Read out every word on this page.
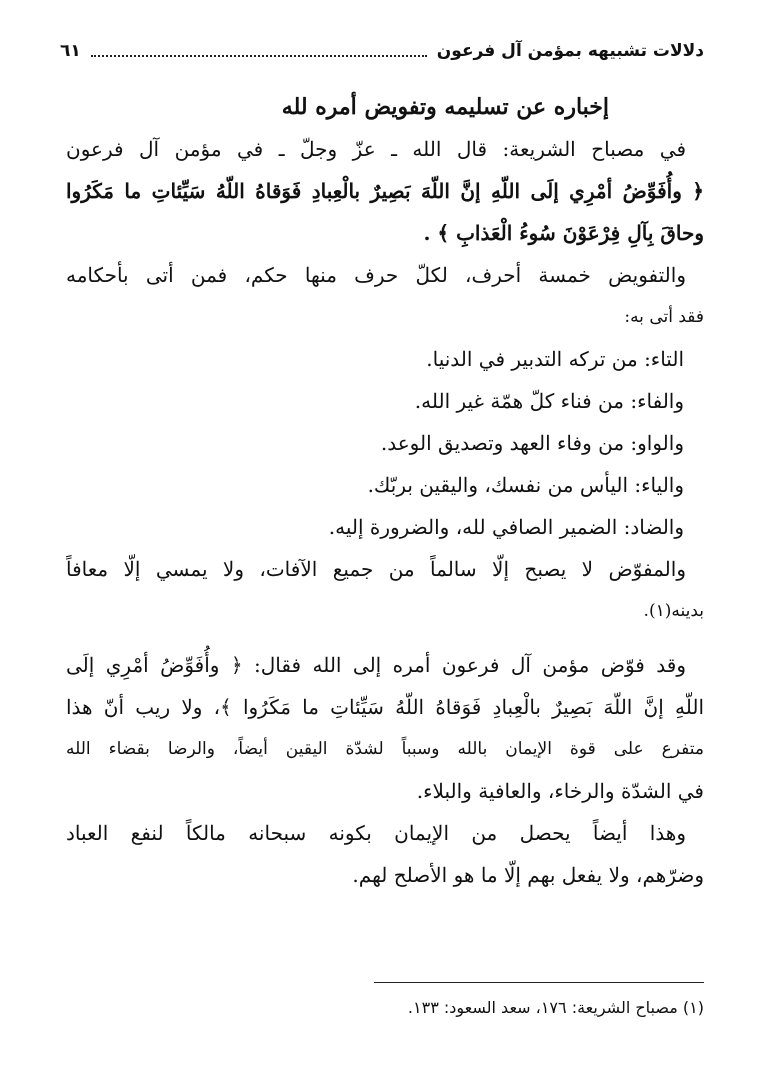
دلالات تشبيهه بمؤمن آل فرعون
٦١
إخباره عن تسليمه وتفويض أمره لله
في مصباح الشريعة: قال الله ـ عزّ وجلّ ـ في مؤمن آل فرعون
﴿ وأُفَوِّضُ أمْرِي إلَى اللّهِ إنَّ اللّهَ بَصِيرٌ بالْعِبادِ فَوَقاهُ اللّهُ سَيِّئاتِ ما مَكَرُوا
وحاقَ بِآلِ فِرْعَوْنَ سُوءُ الْعَذابِ ﴾ .
والتفويض خمسة أحرف، لكلّ حرف منها حكم، فمن أتى بأحكامه
فقد أتى به:
التاء: من تركه التدبير في الدنيا.
والفاء: من فناء كلّ همّة غير الله.
والواو: من وفاء العهد وتصديق الوعد.
والياء: اليأس من نفسك، واليقين بربّك.
والضاد: الضمير الصافي لله، والضرورة إليه.
والمفوّض لا يصبح إلّا سالماً من جميع الآفات، ولا يمسي إلّا معافاً
بدينه(١).
وقد فوّض مؤمن آل فرعون أمره إلى الله فقال: ﴿ وأُفَوِّضُ أمْرِي إلَى
اللّهِ إنَّ اللّهَ بَصِيرٌ بالْعِبادِ فَوَقاهُ اللّهُ سَيِّئاتِ ما مَكَرُوا ﴾، ولا ريب أنّ هذا
متفرع على قوة الإيمان بالله وسبباً لشدّة اليقين أيضاً، والرضا بقضاء الله
في الشدّة والرخاء، والعافية والبلاء.
وهذا أيضاً يحصل من الإيمان بكونه سبحانه مالكاً لنفع العباد
وضرّهم، ولا يفعل بهم إلّا ما هو الأصلح لهم.
(١) مصباح الشريعة: ١٧٦، سعد السعود: ١٣٣.
